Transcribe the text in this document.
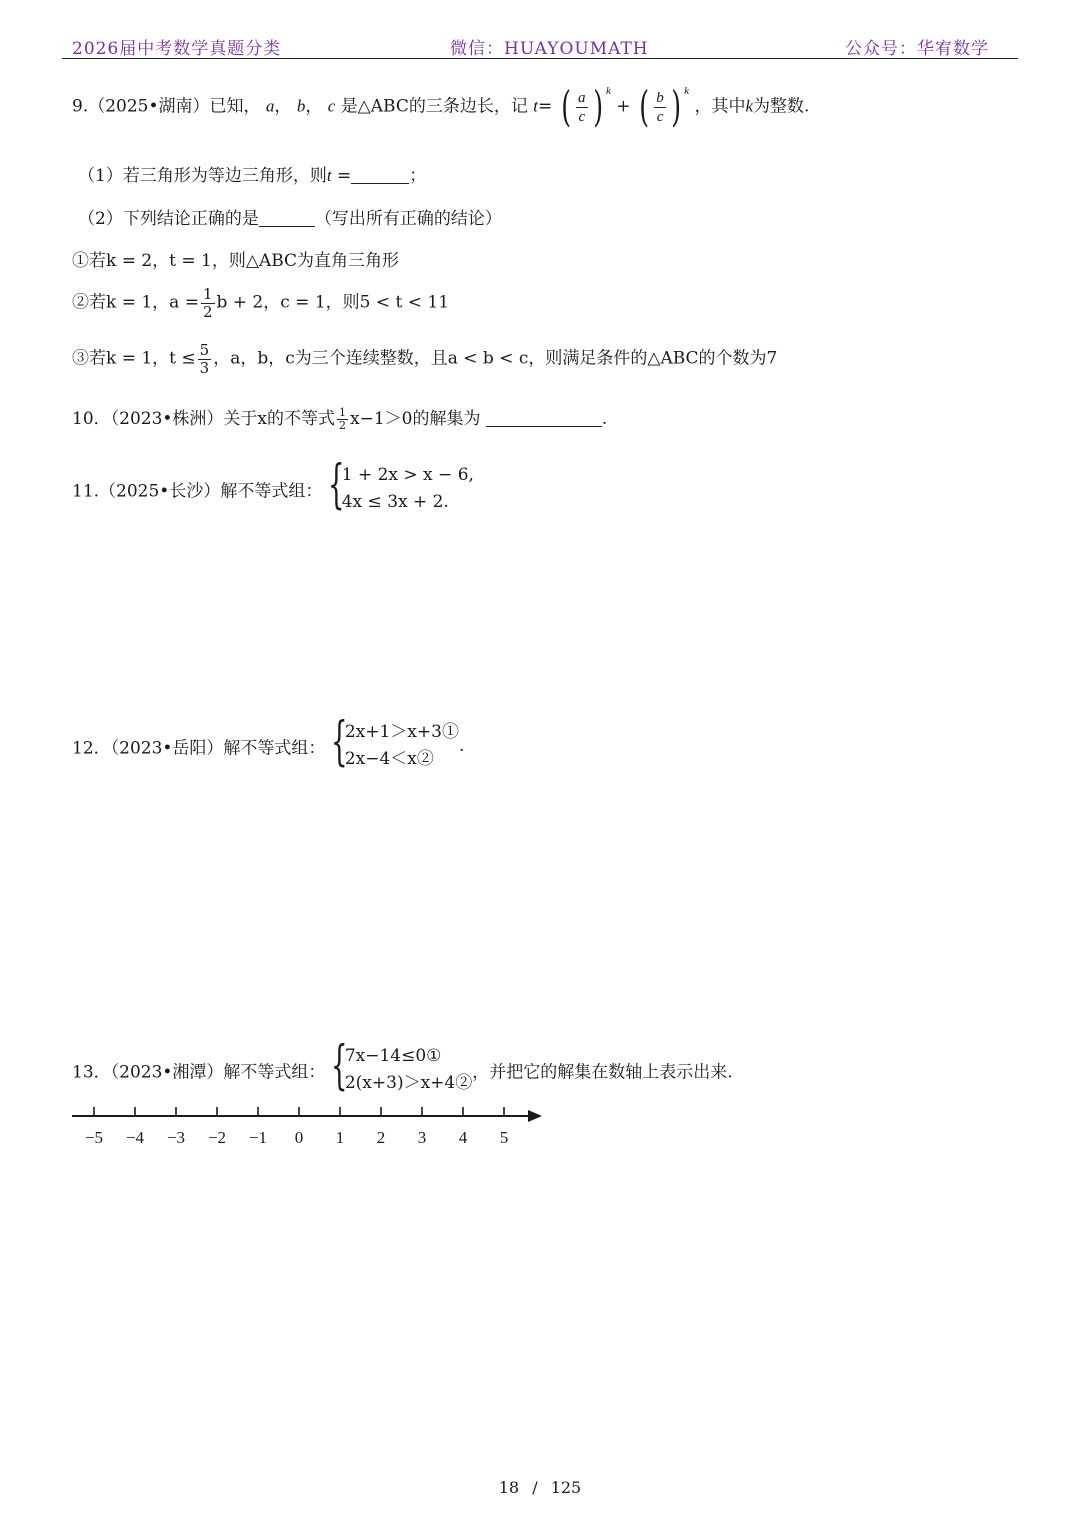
2026届中考数学真题分类	微信：HUAYOUMATH	公众号：华宥数学
9.（2025•湖南）已知， a， b， c 是△ABC的三条边长，记 t= ( $\frac{a}{c}$ ) $^k$ + ( $\frac{b}{c}$ ) $^k$ ，其中k为整数.
（1）若三角形为等边三角形，则t =	；
（2）下列结论正确的是	（写出所有正确的结论）
①若k = 2，t = 1，则△ABC为直角三角形
②若k = 1，$a = \frac{1}{2}$ b + 2，c = 1，则5 < t < 11
③若k = 1，$t \le \frac{5}{3}$ ，a，b，c为三个连续整数，且a < b < c，则满足条件的△ABC的个数为7
10．（2023•株洲）关于x的不等式 $\frac{1}{2} x-1>0$的解集为	.
11.（2025•长沙）解不等式组： {
1 + 2x > x − 6,
4x ≤ 3x + 2.
12．（2023•岳阳）解不等式组： {
2x+1＞x+3①
2x−4＜x②
.
13．（2023•湘潭）解不等式组： {
7x−14≤0①
2(x+3)＞x+4②
，并把它的解集在数轴上表示出来.
−5 −4 −3 −2 −1 0 1 2 3 4 5
18 / 125
